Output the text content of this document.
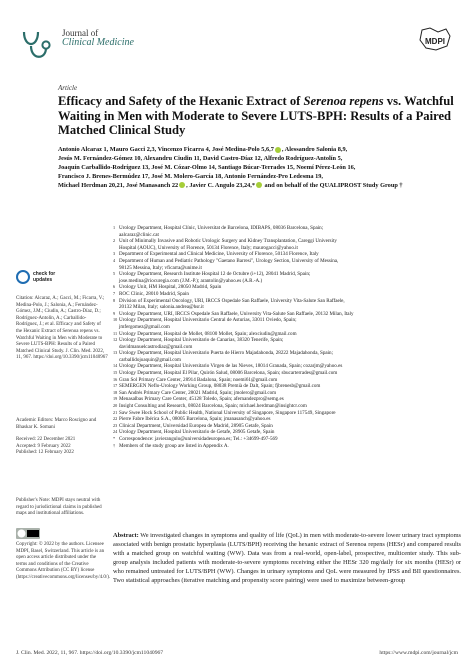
Journal of
Clinical Medicine	MDPI
Article
Efficacy and Safety of the Hexanic Extract of Serenoa repens vs. Watchful Waiting in Men with Moderate to Severe LUTS-BPH: Results of a Paired Matched Clinical Study
Antonio Alcaraz 1, Mauro Gacci 2,3, Vincenzo Ficarra 4, José Medina-Polo 5,6,7 , Alessandro Salonia 8,9,
Jesús M. Fernández-Gómez 10, Alexandru Ciudin 11, David Castro-Díaz 12, Alfredo Rodríguez-Antolín 5,
Joaquín Carballido-Rodríguez 13, José M. Cózar-Olmo 14, Santiago Búcar-Terrades 15, Noemí Pérez-León 16,
Francisco J. Brenes-Bermúdez 17, José M. Molero-García 18, Antonio Fernández-Pro Ledesma 19,
Michael Herdman 20,21, José Manasanch 22 , Javier C. Angulo 23,24,* and on behalf of the QUALIPROST Study Group †
1 Urology Department, Hospital Clínic, Universitat de Barcelona, IDIBAPS, 08036 Barcelona, Spain;
aalcaraz@clinic.cat
2 Unit of Minimally Invasive and Robotic Urologic Surgery and Kidney Transplantation, Careggi University
Hospital (AOUC), University of Florence, 50134 Florence, Italy; maurogacci@yahoo.it
3 Department of Experimental and Clinical Medicine, University of Florence, 50134 Florence, Italy
4 Department of Human and Pediatric Pathology "Gaetano Barresi", Urology Section, University of Messina,
98125 Messina, Italy; vficarra@unime.it
5 Urology Department, Research Institute Hospital 12 de Octubre (i+12), 28041 Madrid, Spain;
jose.medina@riocuregia.com (J.M.-P.); arantolin@yahoo.es (A.R.-A.)
6 Urology Unit, HM Hospital, 28050 Madrid, Spain
7 ROC Clinic, 28010 Madrid, Spain
8 Division of Experimental Oncology, URI, IRCCS Ospedale San Raffaele, University Vita-Salute San Raffaele,
20132 Milan, Italy; salonia.andrea@hsr.it
9 Urology Department, URI, IRCCS Ospedale San Raffaele, University Vita-Salute San Raffaele, 20132 Milan, Italy
10 Urology Department, Hospital Universitario Central de Asturias, 33011 Oviedo, Spain;
jmfergomez@gmail.com
11 Urology Department, Hospital de Mollet, 08100 Mollet, Spain; alexciudin@gmail.com
12 Urology Department, Hospital Universitario de Canarias, 38320 Tenerife, Spain;
davidmanuelcastrodiaz@gmail.com
13 Urology Department, Hospital Universitario Puerta de Hierro Majadahonda, 28222 Majadahonda, Spain;
carballidojoaquin@gmail.com
14 Urology Department, Hospital Universitario Virgen de las Nieves, 18014 Granada, Spain; cozarjm@yahoo.es
15 Urology Department, Hospital El Pilar, Quirón Salud, 08006 Barcelona, Spain; sbucarterrades@gmail.com
16 Gran Sol Primary Care Center, 28914 Badalona, Spain; noemi61@gmail.com
17 SEMERGEN Neflo-Urology Working Group, 08038 Premià de Dalt, Spain; fjbrenesb@gmail.com
18 San Andrés Primary Care Center, 28021 Madrid, Spain; jmolero@gmail.com
19 Menasalbas Primary Care Center, 45128 Toledo, Spain; afernandezpro@semg.es
20 Insight Consulting and Research, 08024 Barcelona, Spain; michael.herdman@insightcr.com
21 Saw Swee Hock School of Public Health, National University of Singapore, Singapore 117549, Singapore
22 Pierre Fabre Ibérica S.A., 08005 Barcelona, Spain; jmanasanch@yahoo.es
23 Clinical Department, Universidad Europea de Madrid, 28905 Getafe, Spain
24 Urology Department, Hospital Universitario de Getafe, 28905 Getafe, Spain
* Correspondence: javierangulo@universidadeuropea.es; Tel.: +34699-497-569
† Members of the study group are listed in Appendix A.
check for
updates
Citation: Alcaraz, A.; Gacci, M.; Ficarra, V.; Medina-Polo, J.; Salonia, A.; Fernández-Gómez, J.M.; Ciudin, A.; Castro-Díaz, D.; Rodríguez-Antolín, A.; Carballido-Rodríguez, J.; et al. Efficacy and Safety of the Hexanic Extract of Serenoa repens vs. Watchful Waiting in Men with Moderate to Severe LUTS-BPH: Results of a Paired Matched Clinical Study. J. Clin. Med. 2022, 11, 967. https://doi.org/10.3390/jcm11040967
Academic Editors: Marco Roscigno and Bhaskar K. Somani
Received: 22 December 2021
Accepted: 9 February 2022
Published: 12 February 2022
Publisher's Note: MDPI stays neutral with regard to jurisdictional claims in published maps and institutional affiliations.
Copyright: © 2022 by the authors. Licensee MDPI, Basel, Switzerland. This article is an open access article distributed under the terms and conditions of the Creative Commons Attribution (CC BY) license (https://creativecommons.org/licenses/by/4.0/).
Abstract: We investigated changes in symptoms and quality of life (QoL) in men with moderate-to-severe lower urinary tract symptoms associated with benign prostatic hyperplasia (LUTS/BPH) receiving the hexanic extract of Serenoa repens (HESr) and compared results with a matched group on watchful waiting (WW). Data was from a real-world, open-label, prospective, multicenter study. This sub-group analysis included patients with moderate-to-severe symptoms receiving either the HESr 320 mg/daily for six months (HESr) or who remained untreated for LUTS/BPH (WW). Changes in urinary symptoms and QoL were measured by IPSS and BII questionnaires. Two statistical approaches (iterative matching and propensity score pairing) were used to maximize between-group
J. Clin. Med. 2022, 11, 967. https://doi.org/10.3390/jcm11040967	https://www.mdpi.com/journal/jcm
